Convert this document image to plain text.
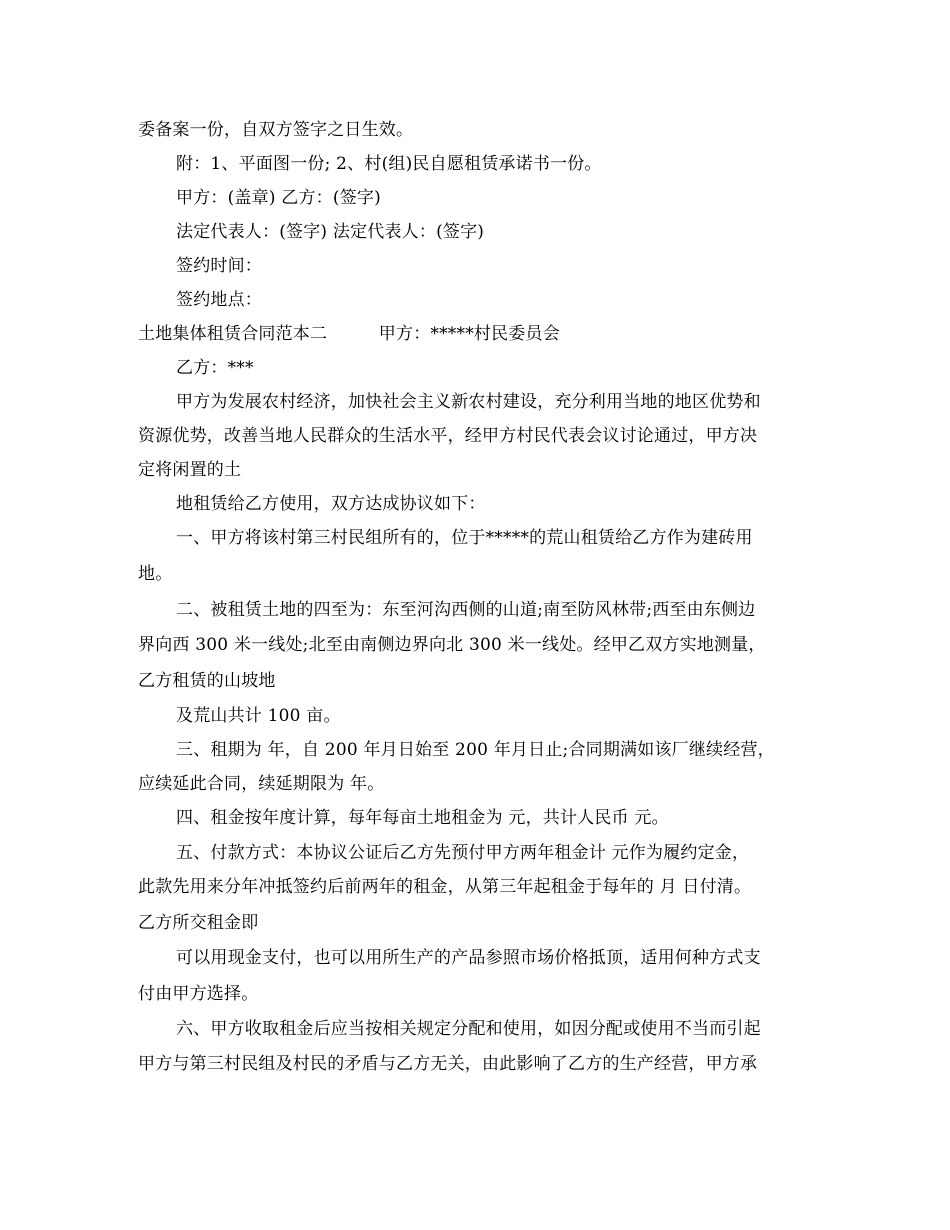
委备案一份，自双方签字之日生效。
附：1、平面图一份; 2、村(组)民自愿租赁承诺书一份。
甲方：(盖章) 乙方：(签字)
法定代表人：(签字) 法定代表人：(签字)
签约时间：
签约地点：
土地集体租赁合同范本二　　　甲方：*****村民委员会
乙方：***
甲方为发展农村经济，加快社会主义新农村建设，充分利用当地的地区优势和
资源优势，改善当地人民群众的生活水平，经甲方村民代表会议讨论通过，甲方决
定将闲置的土
地租赁给乙方使用，双方达成协议如下：
一、甲方将该村第三村民组所有的，位于*****的荒山租赁给乙方作为建砖用
地。
二、被租赁土地的四至为：东至河沟西侧的山道;南至防风林带;西至由东侧边
界向西 300 米一线处;北至由南侧边界向北 300 米一线处。经甲乙双方实地测量，
乙方租赁的山坡地
及荒山共计 100 亩。
三、租期为 年，自 200 年月日始至 200 年月日止;合同期满如该厂继续经营，
应续延此合同，续延期限为 年。
四、租金按年度计算，每年每亩土地租金为 元，共计人民币 元。
五、付款方式：本协议公证后乙方先预付甲方两年租金计 元作为履约定金，
此款先用来分年冲抵签约后前两年的租金，从第三年起租金于每年的 月 日付清。
乙方所交租金即
可以用现金支付，也可以用所生产的产品参照市场价格抵顶，适用何种方式支
付由甲方选择。
六、甲方收取租金后应当按相关规定分配和使用，如因分配或使用不当而引起
甲方与第三村民组及村民的矛盾与乙方无关，由此影响了乙方的生产经营，甲方承
